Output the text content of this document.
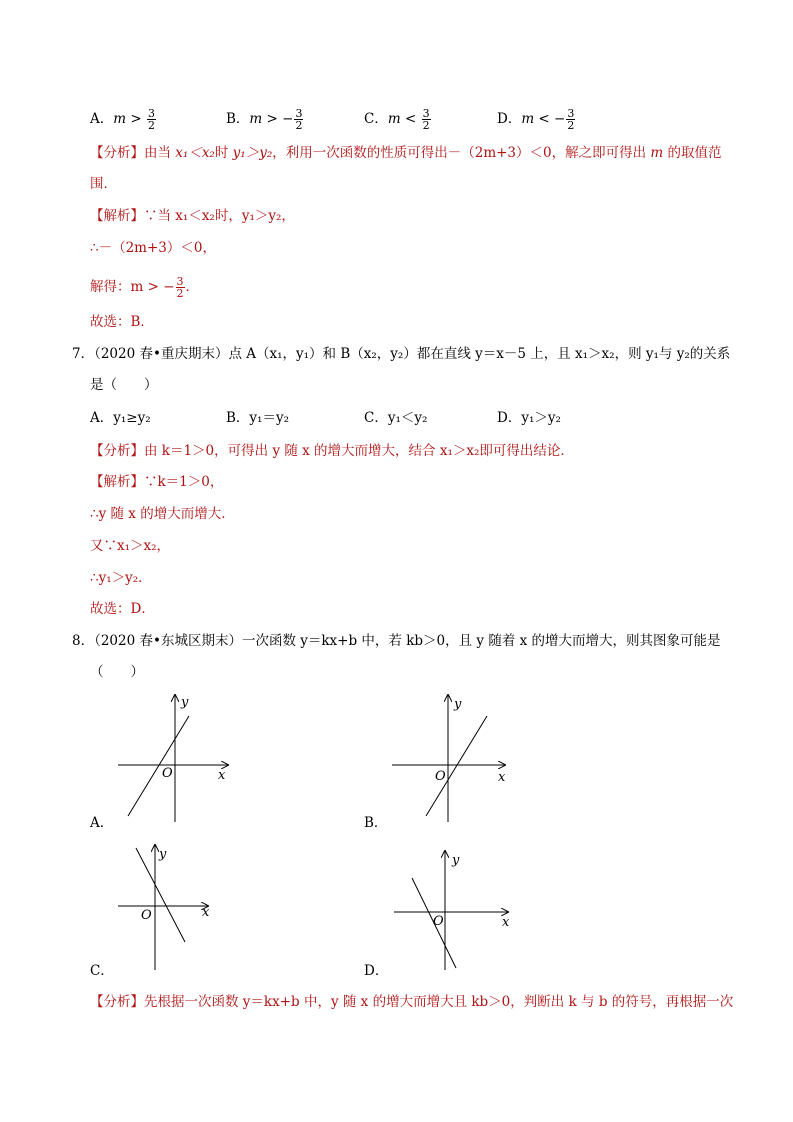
A．$m > \frac{3}{2}$	B．m > − $\frac{3}{2}$	C．$m < \frac{3}{2}$	D．m < − $\frac{3}{2}$
【分析】由当 x₁＜x₂时 y₁＞y₂，利用一次函数的性质可得出－（2m+3）＜0，解之即可得出 m 的取值范
围．
【解析】∵当 x₁＜x₂时，y₁＞y₂，
∴－（2m+3）＜0，
解得：m > − $\frac{3}{2}$ ．
故选：B．
7．（2020 春•重庆期末）点 A（x₁，y₁）和 B（x₂，y₂）都在直线 y＝x－5 上，且 x₁＞x₂，则 y₁与 y₂的关系
是（　　）
A．y₁≥y₂	B．y₁＝y₂	C．y₁＜y₂	D．y₁＞y₂
【分析】由 k＝1＞0，可得出 y 随 x 的增大而增大，结合 x₁＞x₂即可得出结论．
【解析】∵k＝1＞0，
∴y 随 x 的增大而增大．
又∵x₁＞x₂，
∴y₁＞y₂．
故选：D．
8．（2020 春•东城区期末）一次函数 y＝kx+b 中，若 kb＞0，且 y 随着 x 的增大而增大，则其图象可能是
（　　）
y
x
O
y
x
O
y
x
O
y
x
O
A．	B．
C．	D．
【分析】先根据一次函数 y＝kx+b 中，y 随 x 的增大而增大且 kb＞0，判断出 k 与 b 的符号，再根据一次
